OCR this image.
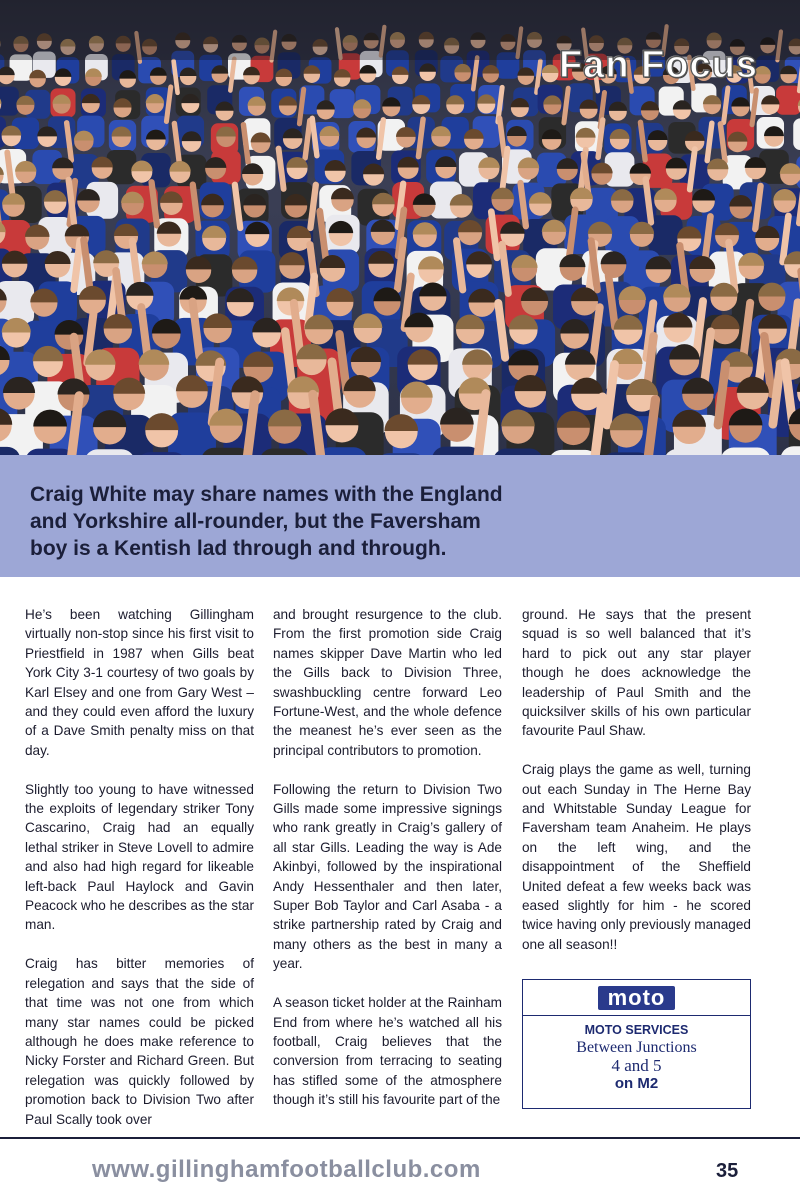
Fan Focus

Craig White may share names with the England and Yorkshire all-rounder, but the Faversham boy is a Kentish lad through and through.

He’s been watching Gillingham virtually non-stop since his first visit to Priestfield in 1987 when Gills beat York City 3-1 courtesy of two goals by Karl Elsey and one from Gary West – and they could even afford the luxury of a Dave Smith penalty miss on that day.

Slightly too young to have witnessed the exploits of legendary striker Tony Cascarino, Craig had an equally lethal striker in Steve Lovell to admire and also had high regard for likeable left-back Paul Haylock and Gavin Peacock who he describes as the star man.

Craig has bitter memories of relegation and says that the side of that time was not one from which many star names could be picked although he does make reference to Nicky Forster and Richard Green. But relegation was quickly followed by promotion back to Division Two after Paul Scally took over

and brought resurgence to the club. From the first promotion side Craig names skipper Dave Martin who led the Gills back to Division Three, swashbuckling centre forward Leo Fortune-West, and the whole defence the meanest he’s ever seen as the principal contributors to promotion.

Following the return to Division Two Gills made some impressive signings who rank greatly in Craig’s gallery of all star Gills. Leading the way is Ade Akinbyi, followed by the inspirational Andy Hessenthaler and then later, Super Bob Taylor and Carl Asaba - a strike partnership rated by Craig and many others as the best in many a year.

A season ticket holder at the Rainham End from where he’s watched all his football, Craig believes that the conversion from terracing to seating has stifled some of the atmosphere though it’s still his favourite part of the

ground. He says that the present squad is so well balanced that it’s hard to pick out any star player though he does acknowledge the leadership of Paul Smith and the quicksilver skills of his own particular favourite Paul Shaw.

Craig plays the game as well, turning out each Sunday in The Herne Bay and Whitstable Sunday League for Faversham team Anaheim. He plays on the left wing, and the disappointment of the Sheffield United defeat a few weeks back was eased slightly for him - he scored twice having only previously managed one all season!!

moto
MOTO SERVICES
Between Junctions
4 and 5
on M2
www.gillinghamfootballclub.com	35
